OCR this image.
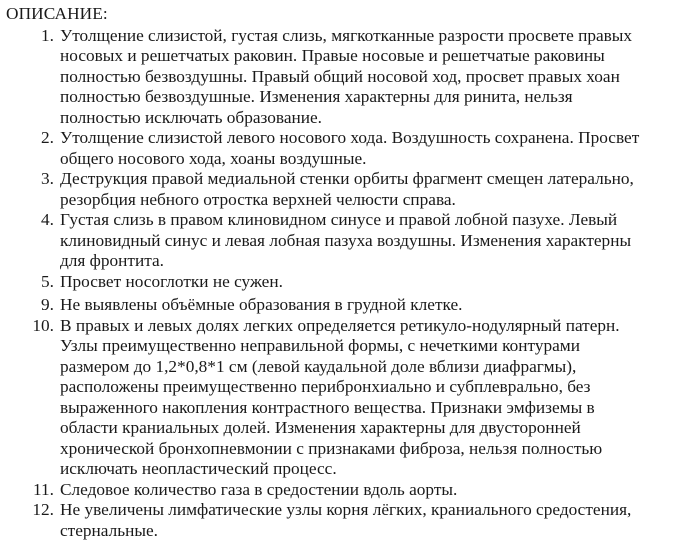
ОПИСАНИЕ:
1. Утолщение слизистой, густая слизь, мягкотканные разрости просвете правых носовых и решетчатых раковин. Правые носовые и решетчатые раковины полностью безвоздушны. Правый общий носовой ход, просвет правых хоан полностью безвоздушные. Изменения характерны для ринита, нельзя полностью исключать образование.
2. Утолщение слизистой левого носового хода. Воздушность сохранена. Просвет общего носового хода, хоаны воздушные.
3. Деструкция правой медиальной стенки орбиты фрагмент смещен латерально, резорбция небного отростка верхней челюсти справа.
4. Густая слизь в правом клиновидном синусе и правой лобной пазухе. Левый клиновидный синус и левая лобная пазуха воздушны. Изменения характерны для фронтита.
5. Просвет носоглотки не сужен.
9. Не выявлены объёмные образования в грудной клетке.
10. В правых и левых долях легких определяется ретикуло-нодулярный патерн. Узлы преимущественно неправильной формы, с нечеткими контурами размером до 1,2*0,8*1 см (левой каудальной доле вблизи диафрагмы), расположены преимущественно перибронхиально и субплеврально, без выраженного накопления контрастного вещества. Признаки эмфиземы в области краниальных долей. Изменения характерны для двусторонней хронической бронхопневмонии с признаками фиброза, нельзя полностью исключать неопластический процесс.
11. Следовое количество газа в средостении вдоль аорты.
12. Не увеличены лимфатические узлы корня лёгких, краниального средостения, стернальные.
